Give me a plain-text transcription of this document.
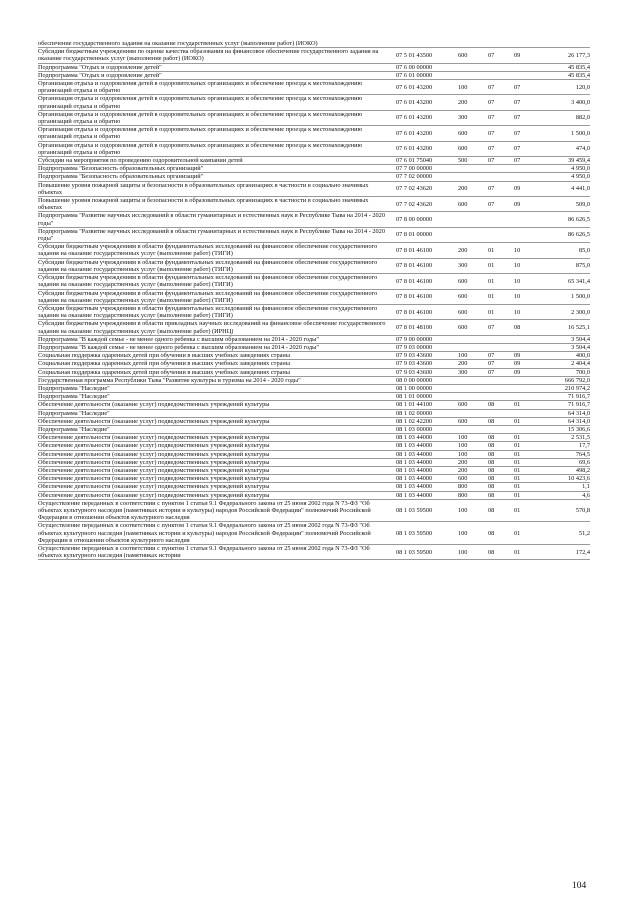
обеспечение государственного задания на оказание государственных услуг (выполнение работ) (ИОКО)					
Субсидии бюджетным учреждениям по оценке качества образования на финансовое обеспечение государственного задания на оказание государственных услуг (выполнение работ) (ИОКО)	07 5 01 43500	600	07	09	26 177,3
Подпрограмма "Отдых и оздоровление детей"	07 6 00 00000				45 835,4
Подпрограмма "Отдых и оздоровление детей"	07 6 01 00000				45 835,4
Организация отдыха и оздоровления детей в оздоровительных организациях и обеспечение проезда к местонахождению организаций отдыха и обратно	07 6 01 43200	100	07	07	120,0
Организация отдыха и оздоровления детей в оздоровительных организациях и обеспечение проезда к местонахождению организаций отдыха и обратно	07 6 01 43200	200	07	07	3 400,0
Организация отдыха и оздоровления детей в оздоровительных организациях и обеспечение проезда к местонахождению организаций отдыха и обратно	07 6 01 43200	300	07	07	882,0
Организация отдыха и оздоровления детей в оздоровительных организациях и обеспечение проезда к местонахождению организаций отдыха и обратно	07 6 01 43200	600	07	07	1 500,0
Организация отдыха и оздоровления детей в оздоровительных организациях и обеспечение проезда к местонахождению организаций отдыха и обратно	07 6 01 43200	600	07	07	474,0
Субсидии на мероприятия по проведению оздоровительной кампании детей	07 6 01 75040	500	07	07	39 459,4
Подпрограмма "Безопасность образовательных организаций"	07 7 00 00000				4 950,0
Подпрограмма "Безопасность образовательных организаций"	07 7 02 00000				4 950,0
Повышение уровня пожарной защиты и безопасности в образовательных организациях в частности в социально значимых объектах	07 7 02 43620	200	07	09	4 441,0
Повышение уровня пожарной защиты и безопасности в образовательных организациях в частности в социально значимых объектах	07 7 02 43620	600	07	09	509,0
Подпрограмма "Развитие научных исследований в области гуманитарных и естественных наук в Республике Тыва на 2014 - 2020 годы"	07 8 00 00000				86 626,5
Подпрограмма "Развитие научных исследований в области гуманитарных и естественных наук в Республике Тыва на 2014 - 2020 годы"	07 8 01 00000				86 626,5
Субсидии бюджетным учреждениям в области фундаментальных исследований на финансовое обеспечение государственного задания на оказание государственных услуг (выполнение работ) (ТИГИ)	07 8 01 46100	200	01	10	85,0
Субсидии бюджетным учреждениям в области фундаментальных исследований на финансовое обеспечение государственного задания на оказание государственных услуг (выполнение работ) (ТИГИ)	07 8 01 46100	300	01	10	875,0
Субсидии бюджетным учреждениям в области фундаментальных исследований на финансовое обеспечение государственного задания на оказание государственных услуг (выполнение работ) (ТИГИ)	07 8 01 46100	600	01	10	65 341,4
Субсидии бюджетным учреждениям в области фундаментальных исследований на финансовое обеспечение государственного задания на оказание государственных услуг (выполнение работ) (ТИГИ)	07 8 01 46100	600	01	10	1 500,0
Субсидии бюджетным учреждениям в области фундаментальных исследований на финансовое обеспечение государственного задания на оказание государственных услуг (выполнение работ) (ТИГИ)	07 8 01 46100	600	01	10	2 300,0
Субсидии бюджетным учреждениям в области прикладных научных исследований на финансовое обеспечение государственного задания на оказание государственных услуг (выполнение работ) (ИРНЦ)	07 8 01 48100	600	07	08	16 525,1
Подпрограмма "В каждой семье - не менее одного ребенка с высшим образованием на 2014 - 2020 годы"	07 9 00 00000				3 504,4
Подпрограмма "В каждой семье - не менее одного ребенка с высшим образованием на 2014 - 2020 годы"	07 9 03 00000				3 504,4
Социальная поддержка одаренных детей при обучении в высших учебных заведениях страны	07 9 03 43600	100	07	09	400,0
Социальная поддержка одаренных детей при обучении в высших учебных заведениях страны	07 9 03 43600	200	07	09	2 404,4
Социальная поддержка одаренных детей при обучении в высших учебных заведениях страны	07 9 03 43600	300	07	09	700,0
Государственная программа Республики Тыва "Развитие культуры и туризма на 2014 - 2020 годы"	08 0 00 00000				666 792,0
Подпрограмма "Наследие"	08 1 00 00000				210 974,2
Подпрограмма "Наследие"	08 1 01 00000				71 916,7
Обеспечение деятельности (оказание услуг) подведомственных учреждений культуры	08 1 01 44100	600	08	01	71 916,7
Подпрограмма "Наследие"	08 1 02 00000				64 314,0
Обеспечение деятельности (оказание услуг) подведомственных учреждений культуры	08 1 02 42200	600	08	01	64 314,0
Подпрограмма "Наследие"	08 1 03 00000				15 306,6
Обеспечение деятельности (оказание услуг) подведомственных учреждений культуры	08 1 03 44000	100	08	01	2 531,5
Обеспечение деятельности (оказание услуг) подведомственных учреждений культуры	08 1 03 44000	100	08	01	17,7
Обеспечение деятельности (оказание услуг) подведомственных учреждений культуры	08 1 03 44000	100	08	01	764,5
Обеспечение деятельности (оказание услуг) подведомственных учреждений культуры	08 1 03 44000	200	08	01	69,6
Обеспечение деятельности (оказание услуг) подведомственных учреждений культуры	08 1 03 44000	200	08	01	498,2
Обеспечение деятельности (оказание услуг) подведомственных учреждений культуры	08 1 03 44000	600	08	01	10 423,6
Обеспечение деятельности (оказание услуг) подведомственных учреждений культуры	08 1 03 44000	800	08	01	1,1
Обеспечение деятельности (оказание услуг) подведомственных учреждений культуры	08 1 03 44000	800	08	01	4,6
Осуществление переданных в соответствии с пунктом 1 статьи 9.1 Федерального закона от 25 июня 2002 года N 73-ФЗ "Об объектах культурного наследия (памятниках истории и культуры) народов Российской Федерации" полномочий Российской Федерации в отношении объектов культурного наследия	08 1 03 59500	100	08	01	570,8
Осуществление переданных в соответствии с пунктом 1 статьи 9.1 Федерального закона от 25 июня 2002 года N 73-ФЗ "Об объектах культурного наследия (памятниках истории и культуры) народов Российской Федерации" полномочий Российской Федерации в отношении объектов культурного наследия	08 1 03 59500	100	08	01	51,2
Осуществление переданных в соответствии с пунктом 1 статьи 9.1 Федерального закона от 25 июня 2002 года N 73-ФЗ "Об объектах культурного наследия (памятниках истории	08 1 03 59500	100	08	01	172,4
104
